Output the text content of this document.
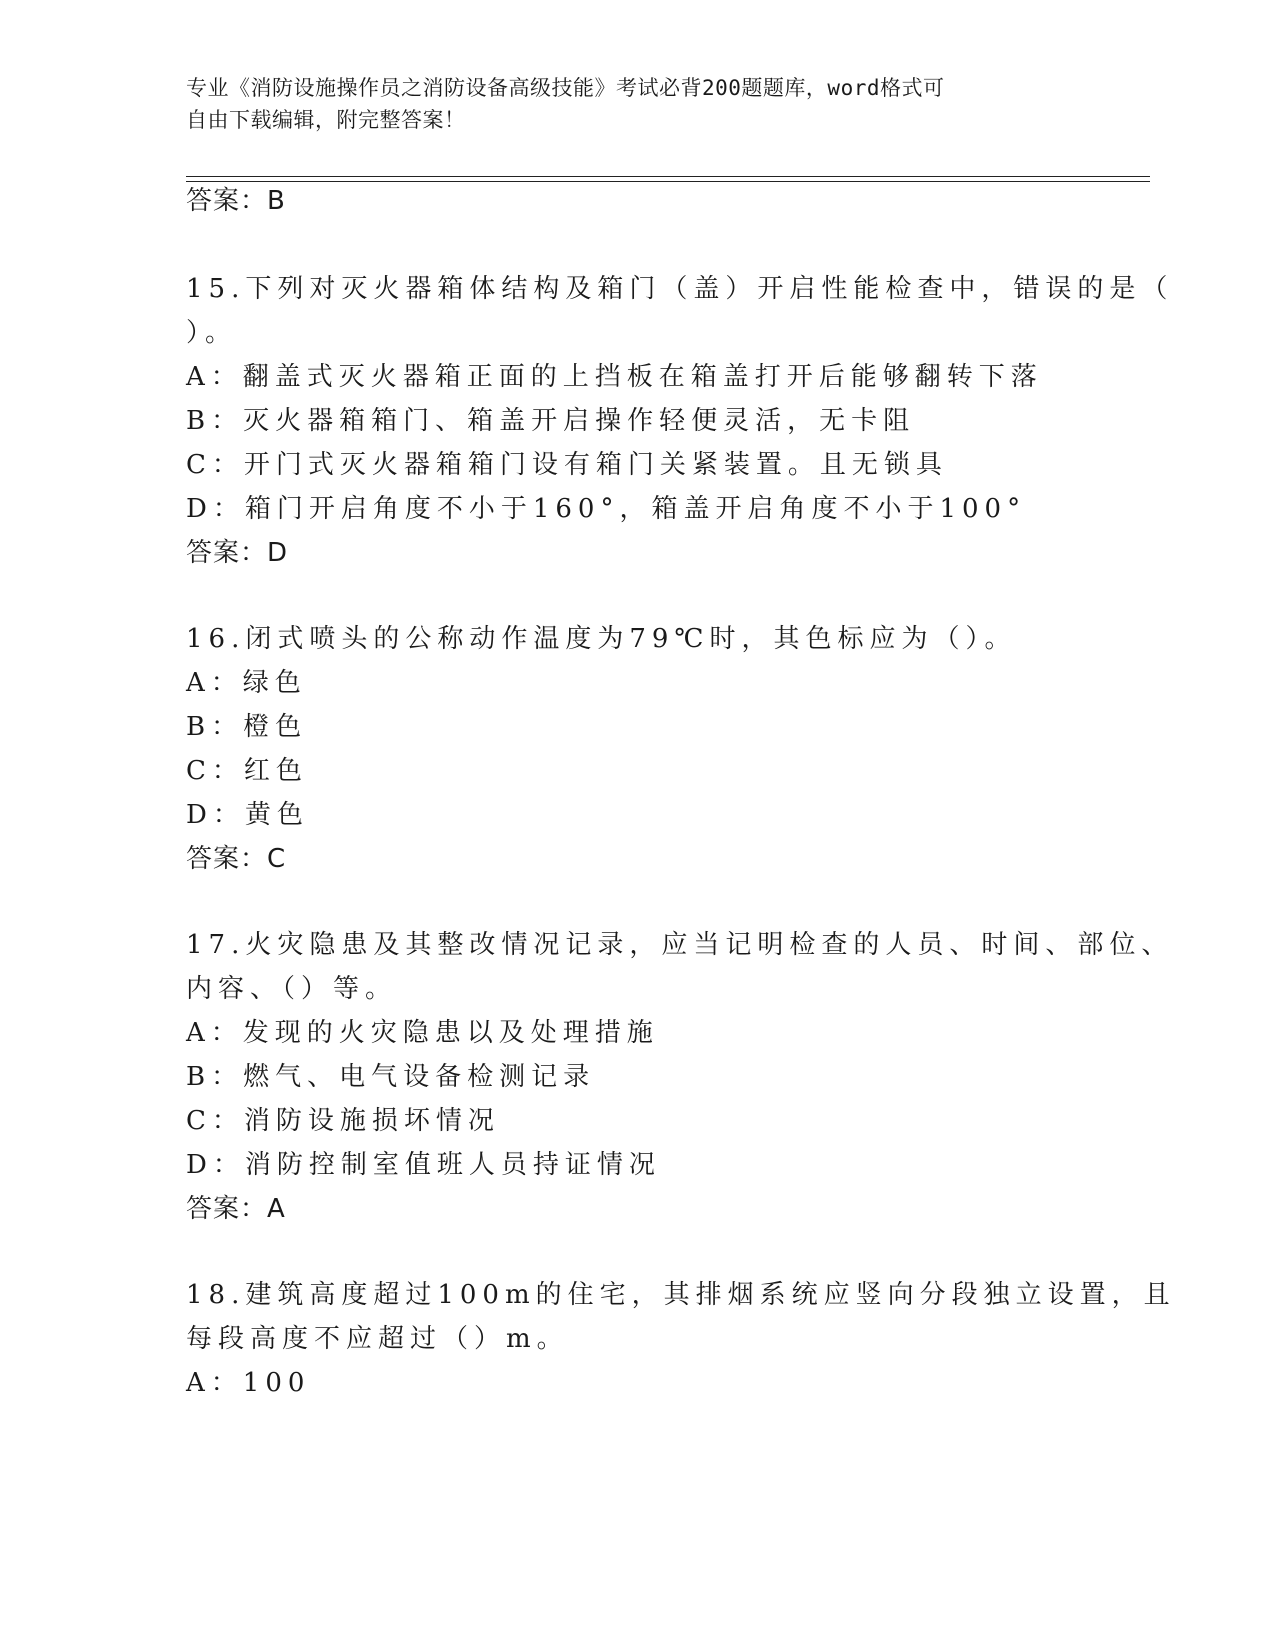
专业《消防设施操作员之消防设备高级技能》考试必背200题题库，word格式可
自由下载编辑，附完整答案！
答案：B
15.下列对灭火器箱体结构及箱门（盖）开启性能检查中，错误的是（
）。
A：翻盖式灭火器箱正面的上挡板在箱盖打开后能够翻转下落
B：灭火器箱箱门、箱盖开启操作轻便灵活，无卡阻
C：开门式灭火器箱箱门设有箱门关紧装置。且无锁具
D：箱门开启角度不小于160°，箱盖开启角度不小于100°
答案：D
16.闭式喷头的公称动作温度为79℃时，其色标应为（）。
A：绿色
B：橙色
C：红色
D：黄色
答案：C
17.火灾隐患及其整改情况记录，应当记明检查的人员、时间、部位、
内容、（）等。
A：发现的火灾隐患以及处理措施
B：燃气、电气设备检测记录
C：消防设施损坏情况
D：消防控制室值班人员持证情况
答案：A
18.建筑高度超过100m的住宅，其排烟系统应竖向分段独立设置，且
每段高度不应超过（）m。
A：100
